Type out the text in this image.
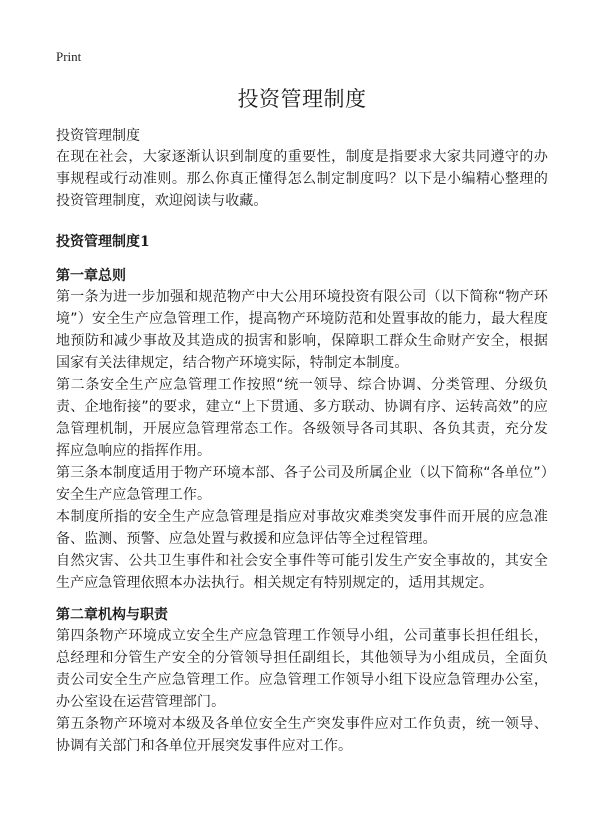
Print
投资管理制度
投资管理制度

在现在社会，大家逐渐认识到制度的重要性，制度是指要求大家共同遵守的办事规程或行动准则。那么你真正懂得怎么制定制度吗？以下是小编精心整理的投资管理制度，欢迎阅读与收藏。

投资管理制度1
第一章总则

第一条为进一步加强和规范物产中大公用环境投资有限公司（以下简称“物产环境”）安全生产应急管理工作，提高物产环境防范和处置事故的能力，最大程度地预防和减少事故及其造成的损害和影响，保障职工群众生命财产安全，根据国家有关法律规定，结合物产环境实际，特制定本制度。

第二条安全生产应急管理工作按照“统一领导、综合协调、分类管理、分级负责、企地衔接”的要求，建立“上下贯通、多方联动、协调有序、运转高效”的应急管理机制，开展应急管理常态工作。各级领导各司其职、各负其责，充分发挥应急响应的指挥作用。

第三条本制度适用于物产环境本部、各子公司及所属企业（以下简称“各单位”）安全生产应急管理工作。

本制度所指的安全生产应急管理是指应对事故灾难类突发事件而开展的应急准备、监测、预警、应急处置与救援和应急评估等全过程管理。

自然灾害、公共卫生事件和社会安全事件等可能引发生产安全事故的，其安全生产应急管理依照本办法执行。相关规定有特别规定的，适用其规定。

第二章机构与职责

第四条物产环境成立安全生产应急管理工作领导小组，公司董事长担任组长，总经理和分管生产安全的分管领导担任副组长，其他领导为小组成员，全面负责公司安全生产应急管理工作。应急管理工作领导小组下设应急管理办公室，办公室设在运营管理部门。

第五条物产环境对本级及各单位安全生产突发事件应对工作负责，统一领导、协调有关部门和各单位开展突发事件应对工作。
